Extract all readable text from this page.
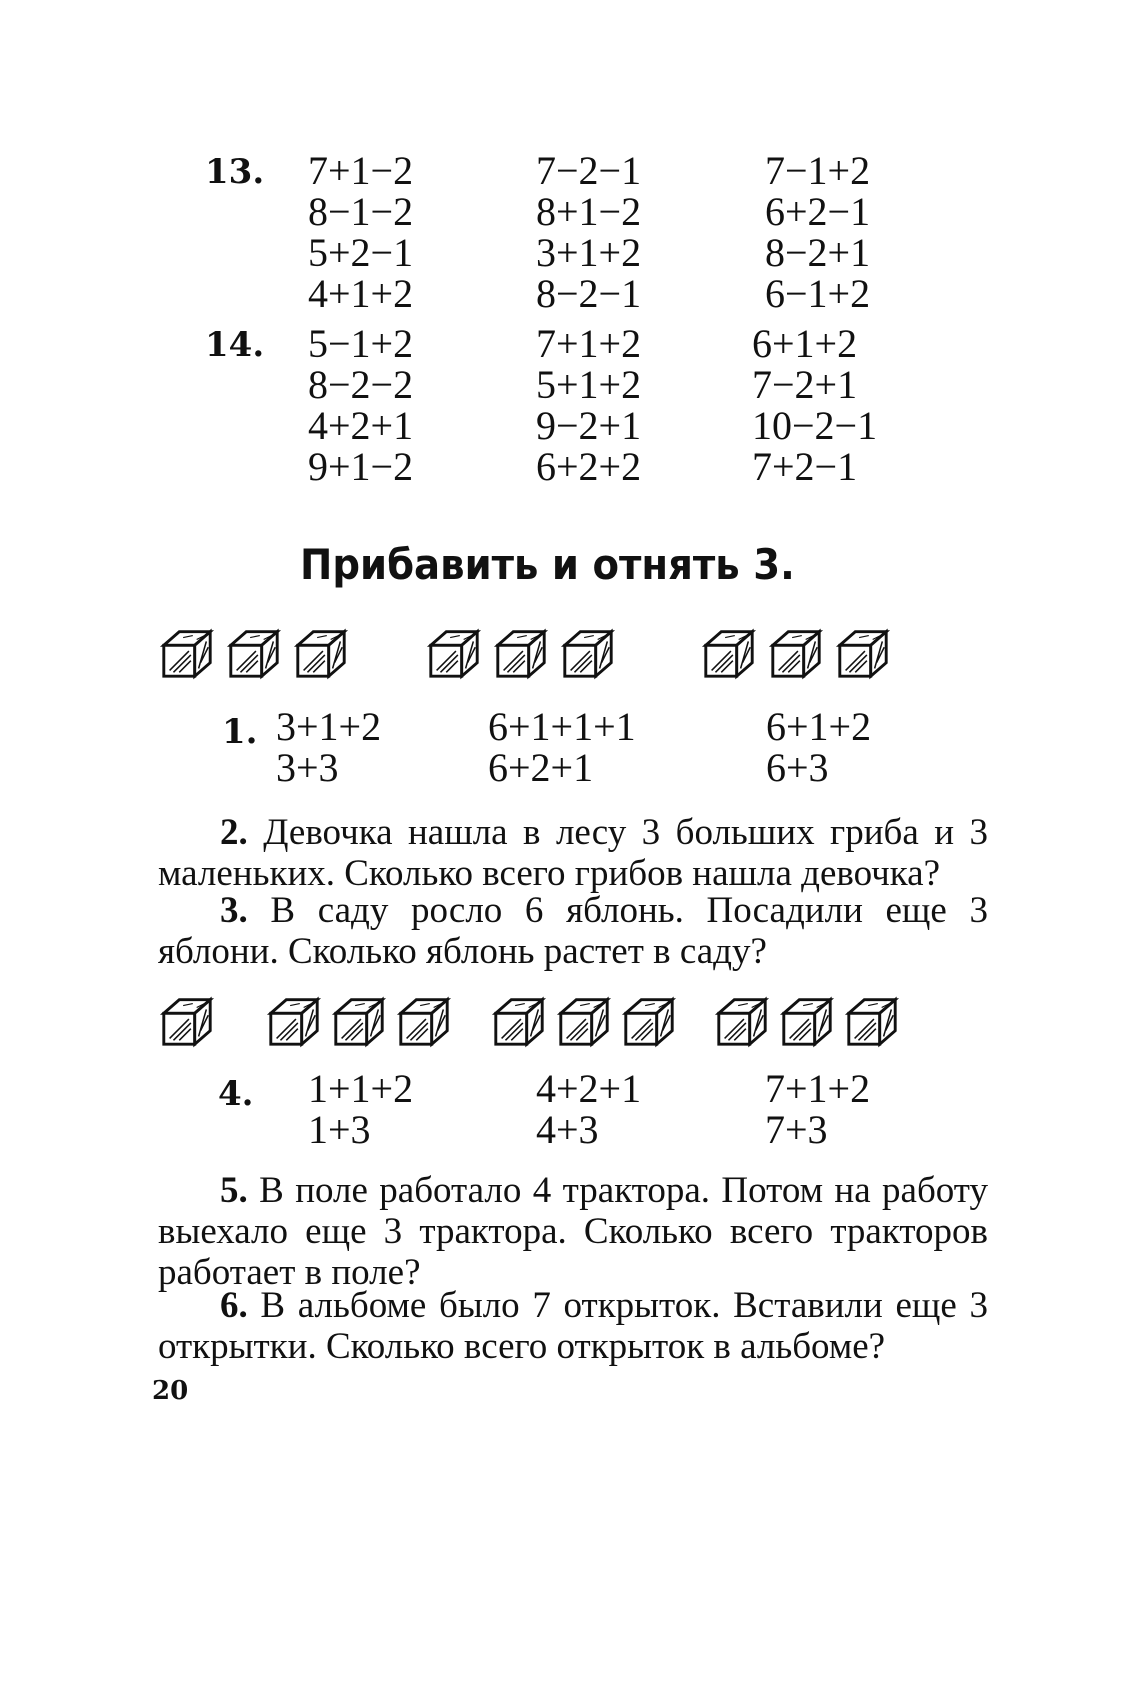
13. 7+1−2
8−1−2
5+2−1
4+1+2
7−2−1
8+1−2
3+1+2
8−2−1
7−1+2
6+2−1
8−2+1
6−1+2
14. 5−1+2
8−2−2
4+2+1
9+1−2
7+1+2
5+1+2
9−2+1
6+2+2
6+1+2
7−2+1
10−2−1
7+2−1
Прибавить и отнять 3.
1. 3+1+2
3+3
6+1+1+1
6+2+1
6+1+2
6+3
2. Девочка нашла в лесу 3 больших гриба и 3 маленьких. Сколько всего грибов нашла девочка?
3. В саду росло 6 яблонь. Посадили еще 3 яблони. Сколько яблонь растет в саду?
4. 1+1+2
1+3
4+2+1
4+3
7+1+2
7+3
5. В поле работало 4 трактора. Потом на работу выехало еще 3 трактора. Сколько всего тракторов работает в поле?
6. В альбоме было 7 открыток. Вставили еще 3 открытки. Сколько всего открыток в альбоме?
20
